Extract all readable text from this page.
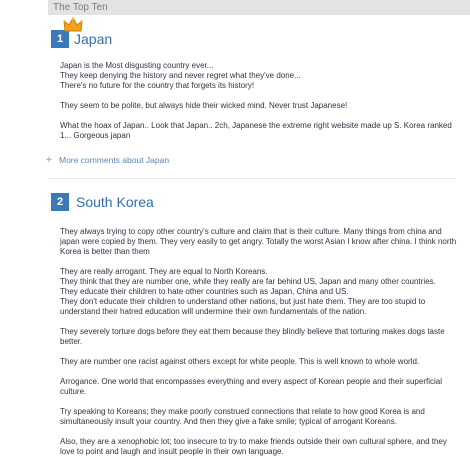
The Top Ten
1 Japan

Japan is the Most disgusting country ever...
They keep denying the history and never regret what they've done...
There's no future for the country that forgets its history!

They seem to be polite, but always hide their wicked mind. Never trust Japanese!

What the hoax of Japan.. Look that Japan.. 2ch, Japanese the extreme right website made up S. Korea ranked 1... Gorgeous japan

+ More comments about Japan
2 South Korea

They always trying to copy other country's culture and claim that is their culture. Many things from china and japan were copied by them. They very easily to get angry. Totally the worst Asian I know after china. I think north Korea is better than them

They are really arrogant. They are equal to North Koreans.
They think that they are number one, while they really are far behind US, Japan and many other countries.
They educate their children to hate other countries such as Japan, China and US.
They don't educate their children to understand other nations, but just hate them. They are too stupid to understand their hatred education will undermine their own fundamentals of the nation.

They severely torture dogs before they eat them because they blindly believe that torturing makes dogs taste better.

They are number one racist against others except for white people. This is well known to whole world.

Arrogance. One world that encompasses everything and every aspect of Korean people and their superficial culture.

Try speaking to Koreans; they make poorly construed connections that relate to how good Korea is and simultaneously insult your country. And then they give a fake smile; typical of arrogant Koreans.

Also, they are a xenophobic lot; too insecure to try to make friends outside their own cultural sphere, and they love to point and laugh and insult people in their own language.
